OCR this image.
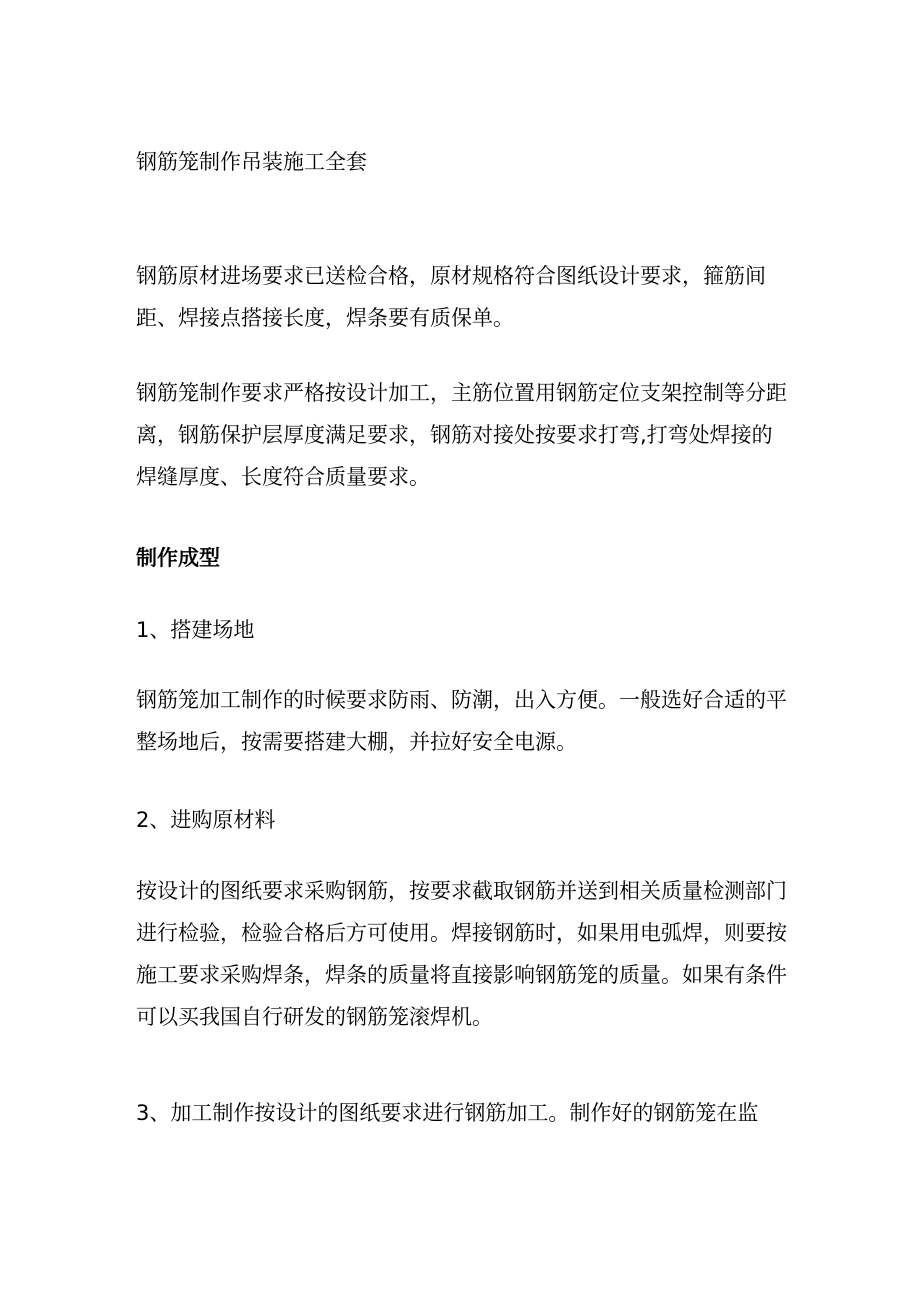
钢筋笼制作吊装施工全套

钢筋原材进场要求已送检合格，原材规格符合图纸设计要求，箍筋间距、焊接点搭接长度，焊条要有质保单。

钢筋笼制作要求严格按设计加工，主筋位置用钢筋定位支架控制等分距离，钢筋保护层厚度满足要求，钢筋对接处按要求打弯,打弯处焊接的焊缝厚度、长度符合质量要求。

制作成型

1、搭建场地

钢筋笼加工制作的时候要求防雨、防潮，出入方便。一般选好合适的平整场地后，按需要搭建大棚，并拉好安全电源。

2、进购原材料

按设计的图纸要求采购钢筋，按要求截取钢筋并送到相关质量检测部门进行检验，检验合格后方可使用。焊接钢筋时，如果用电弧焊，则要按施工要求采购焊条，焊条的质量将直接影响钢筋笼的质量。如果有条件可以买我国自行研发的钢筋笼滚焊机。

3、加工制作按设计的图纸要求进行钢筋加工。制作好的钢筋笼在监
